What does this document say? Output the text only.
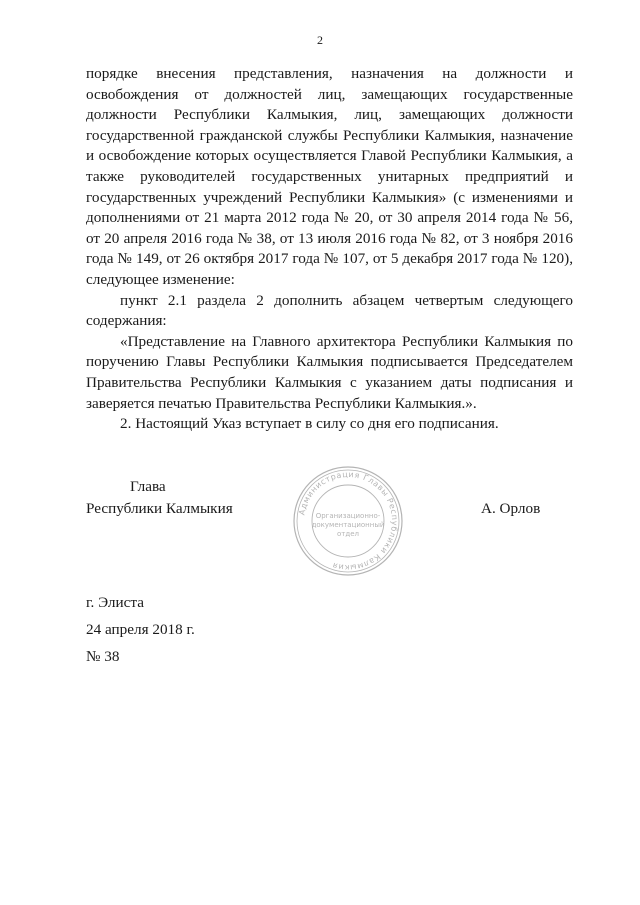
2

порядке внесения представления, назначения на должности и освобождения от должностей лиц, замещающих государственные должности Республики Калмыкия, лиц, замещающих должности государственной гражданской службы Республики Калмыкия, назначение и освобождение которых осуществляется Главой Республики Калмыкия, а также руководителей государственных унитарных предприятий и государственных учреждений Республики Калмыкия» (с изменениями и дополнениями от 21 марта 2012 года № 20, от 30 апреля 2014 года № 56, от 20 апреля 2016 года № 38, от 13 июля 2016 года № 82, от 3 ноября 2016 года № 149, от 26 октября 2017 года № 107, от 5 декабря 2017 года № 120), следующее изменение:

пункт 2.1 раздела 2 дополнить абзацем четвертым следующего содержания:

«Представление на Главного архитектора Республики Калмыкия по поручению Главы Республики Калмыкия подписывается Председателем Правительства Республики Калмыкия с указанием даты подписания и заверяется печатью Правительства Республики Калмыкия.».

2. Настоящий Указ вступает в силу со дня его подписания.

Глава
Республики Калмыкия	Администрация Главы Республики Калмыкия
Организационно-
документационный
отдел
А. Орлов
г. Элиста
24 апреля 2018 г.
№ 38
